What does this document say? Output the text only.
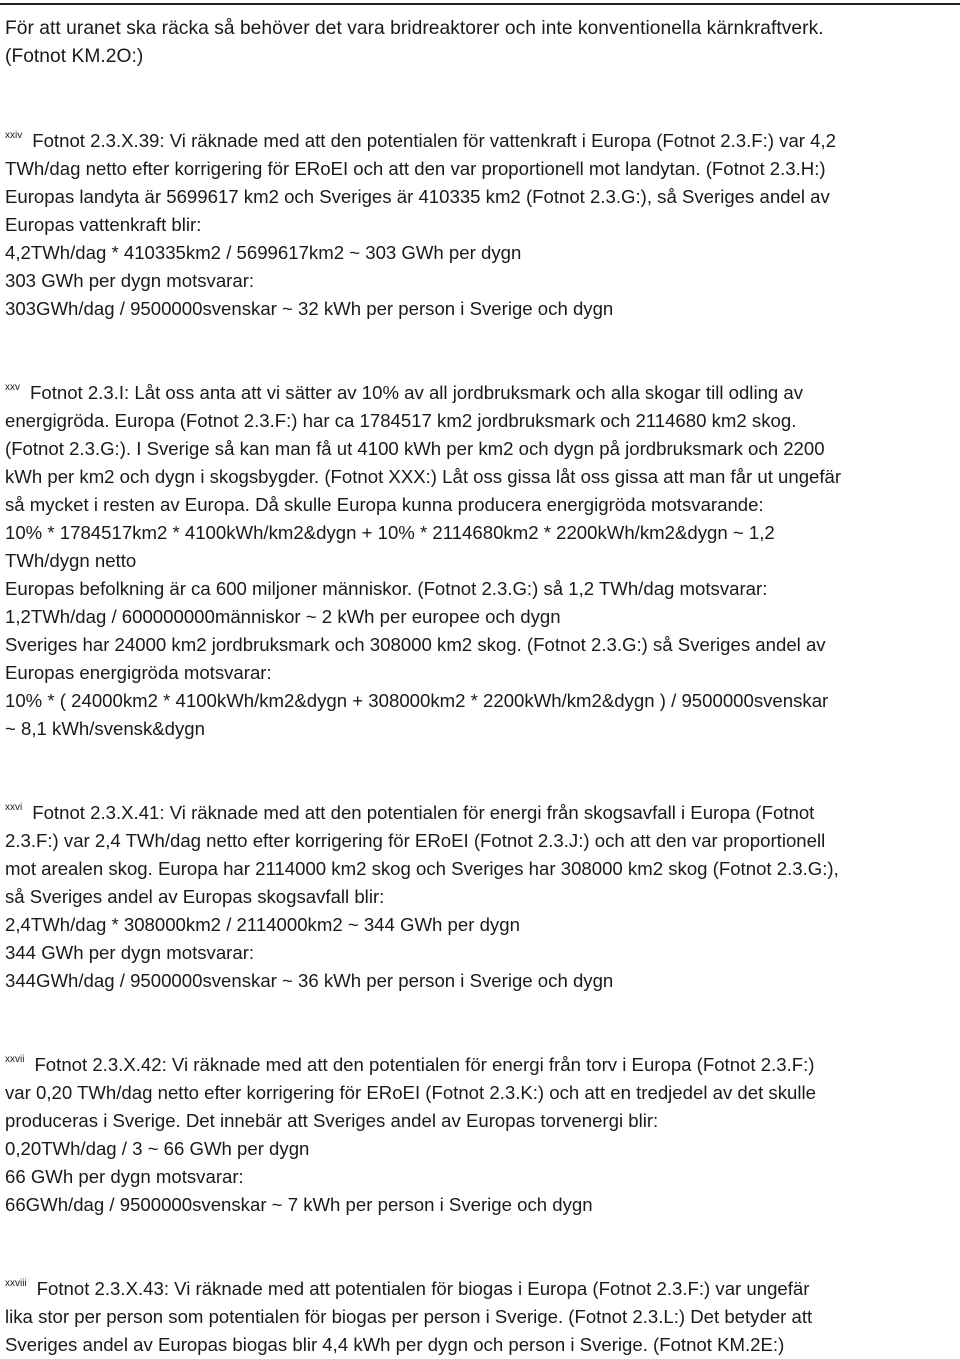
För att uranet ska räcka så behöver det vara bridreaktorer och inte konventionella kärnkraftverk.
(Fotnot KM.2O:)
$^{xxiv}$ Fotnot 2.3.X.39: Vi räknade med att den potentialen för vattenkraft i Europa (Fotnot 2.3.F:) var 4,2
TWh/dag netto efter korrigering för ERoEI och att den var proportionell mot landytan. (Fotnot 2.3.H:)
Europas landyta är 5699617 km2 och Sveriges är 410335 km2 (Fotnot 2.3.G:), så Sveriges andel av
Europas vattenkraft blir:
4,2TWh/dag * 410335km2 / 5699617km2 ~ 303 GWh per dygn
303 GWh per dygn motsvarar:
303GWh/dag / 9500000svenskar ~ 32 kWh per person i Sverige och dygn
$^{xxv}$ Fotnot 2.3.I: Låt oss anta att vi sätter av 10% av all jordbruksmark och alla skogar till odling av
energigröda. Europa (Fotnot 2.3.F:) har ca 1784517 km2 jordbruksmark och 2114680 km2 skog.
(Fotnot 2.3.G:). I Sverige så kan man få ut 4100 kWh per km2 och dygn på jordbruksmark och 2200
kWh per km2 och dygn i skogsbygder. (Fotnot XXX:) Låt oss gissa låt oss gissa att man får ut ungefär
så mycket i resten av Europa. Då skulle Europa kunna producera energigröda motsvarande:
10% * 1784517km2 * 4100kWh/km2&dygn + 10% * 2114680km2 * 2200kWh/km2&dygn ~ 1,2
TWh/dygn netto
Europas befolkning är ca 600 miljoner människor. (Fotnot 2.3.G:) så 1,2 TWh/dag motsvarar:
1,2TWh/dag / 600000000människor ~ 2 kWh per europee och dygn
Sveriges har 24000 km2 jordbruksmark och 308000 km2 skog. (Fotnot 2.3.G:) så Sveriges andel av
Europas energigröda motsvarar:
10% * ( 24000km2 * 4100kWh/km2&dygn + 308000km2 * 2200kWh/km2&dygn ) / 9500000svenskar
~ 8,1 kWh/svensk&dygn
$^{xxvi}$ Fotnot 2.3.X.41: Vi räknade med att den potentialen för energi från skogsavfall i Europa (Fotnot
2.3.F:) var 2,4 TWh/dag netto efter korrigering för ERoEI (Fotnot 2.3.J:) och att den var proportionell
mot arealen skog. Europa har 2114000 km2 skog och Sveriges har 308000 km2 skog (Fotnot 2.3.G:),
så Sveriges andel av Europas skogsavfall blir:
2,4TWh/dag * 308000km2 / 2114000km2 ~ 344 GWh per dygn
344 GWh per dygn motsvarar:
344GWh/dag / 9500000svenskar ~ 36 kWh per person i Sverige och dygn
$^{xxvii}$ Fotnot 2.3.X.42: Vi räknade med att den potentialen för energi från torv i Europa (Fotnot 2.3.F:)
var 0,20 TWh/dag netto efter korrigering för ERoEI (Fotnot 2.3.K:) och att en tredjedel av det skulle
produceras i Sverige. Det innebär att Sveriges andel av Europas torvenergi blir:
0,20TWh/dag / 3 ~ 66 GWh per dygn
66 GWh per dygn motsvarar:
66GWh/dag / 9500000svenskar ~ 7 kWh per person i Sverige och dygn
$^{xxviii}$ Fotnot 2.3.X.43: Vi räknade med att potentialen för biogas i Europa (Fotnot 2.3.F:) var ungefär
lika stor per person som potentialen för biogas per person i Sverige. (Fotnot 2.3.L:) Det betyder att
Sveriges andel av Europas biogas blir 4,4 kWh per dygn och person i Sverige. (Fotnot KM.2E:)
